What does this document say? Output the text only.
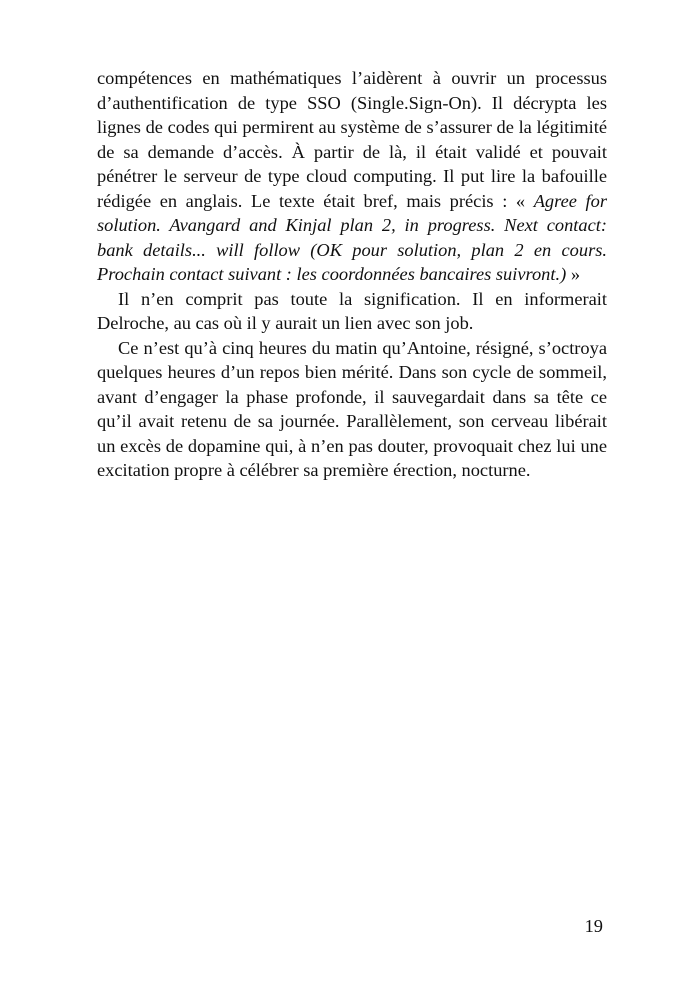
compétences en mathématiques l’aidèrent à ouvrir un processus d’authentification de type SSO (Single.Sign-On). Il décrypta les lignes de codes qui permirent au système de s’assurer de la légitimité de sa demande d’accès. À partir de là, il était validé et pouvait pénétrer le serveur de type cloud computing. Il put lire la bafouille rédigée en anglais. Le texte était bref, mais précis : « Agree for solution. Avangard and Kinjal plan 2, in progress. Next contact: bank details... will follow (OK pour solution, plan 2 en cours. Prochain contact suivant : les coordonnées bancaires suivront.) »

Il n’en comprit pas toute la signification. Il en informerait Delroche, au cas où il y aurait un lien avec son job.

Ce n’est qu’à cinq heures du matin qu’Antoine, résigné, s’octroya quelques heures d’un repos bien mérité. Dans son cycle de sommeil, avant d’engager la phase profonde, il sauvegardait dans sa tête ce qu’il avait retenu de sa journée. Parallèlement, son cerveau libérait un excès de dopamine qui, à n’en pas douter, provoquait chez lui une excitation propre à célébrer sa première érection, nocturne.

19
